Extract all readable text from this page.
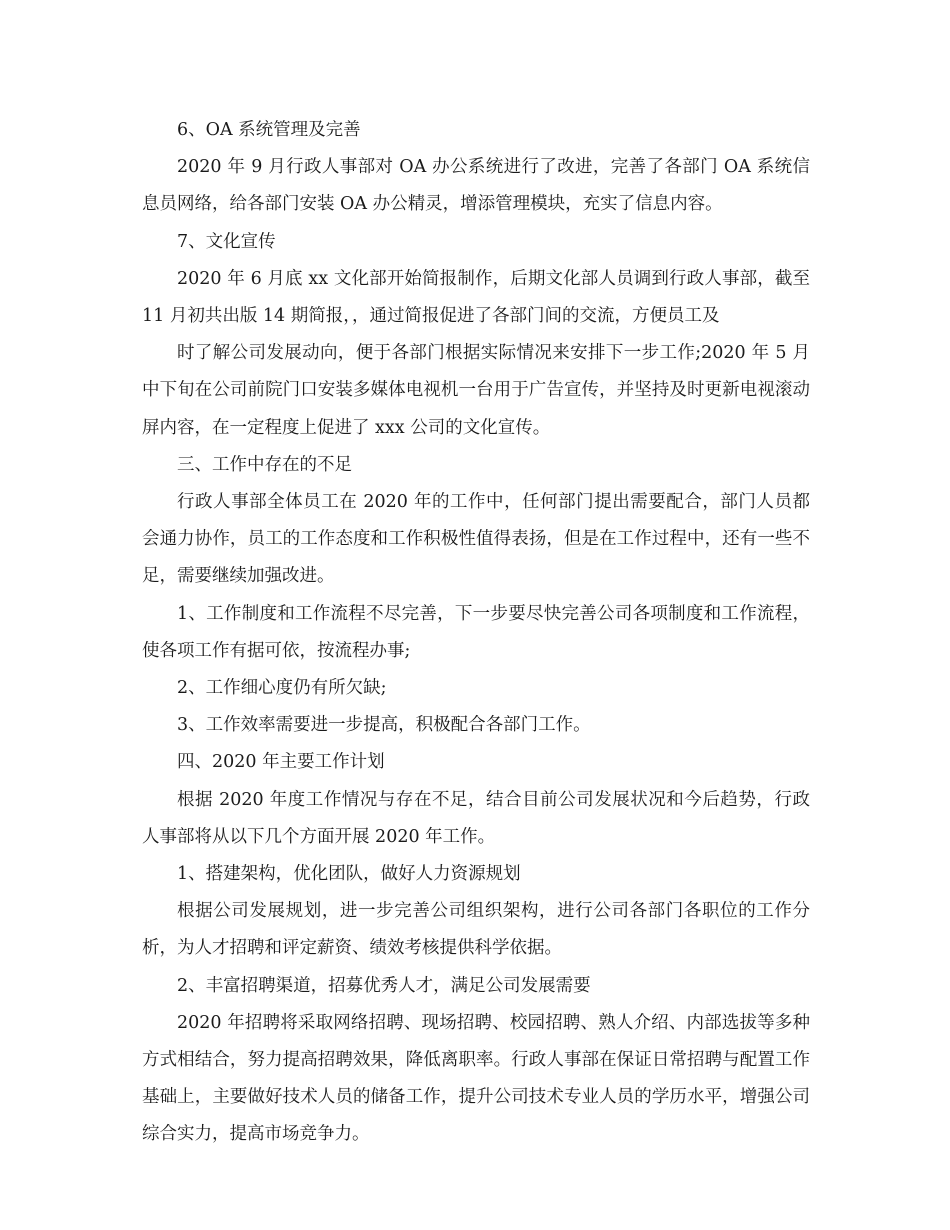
6、OA 系统管理及完善

2020 年 9 月行政人事部对 OA 办公系统进行了改进，完善了各部门 OA 系统信息员网络，给各部门安装 OA 办公精灵，增添管理模块，充实了信息内容。

7、文化宣传

2020 年 6 月底 xx 文化部开始简报制作，后期文化部人员调到行政人事部，截至 11 月初共出版 14 期简报，，通过简报促进了各部门间的交流，方便员工及

时了解公司发展动向，便于各部门根据实际情况来安排下一步工作;2020 年 5 月中下旬在公司前院门口安装多媒体电视机一台用于广告宣传，并坚持及时更新电视滚动屏内容，在一定程度上促进了 xxx 公司的文化宣传。

三、工作中存在的不足

行政人事部全体员工在 2020 年的工作中，任何部门提出需要配合，部门人员都会通力协作，员工的工作态度和工作积极性值得表扬，但是在工作过程中，还有一些不足，需要继续加强改进。

1、工作制度和工作流程不尽完善，下一步要尽快完善公司各项制度和工作流程，使各项工作有据可依，按流程办事;

2、工作细心度仍有所欠缺;

3、工作效率需要进一步提高，积极配合各部门工作。

四、2020 年主要工作计划

根据 2020 年度工作情况与存在不足，结合目前公司发展状况和今后趋势，行政人事部将从以下几个方面开展 2020 年工作。

1、搭建架构，优化团队，做好人力资源规划

根据公司发展规划，进一步完善公司组织架构，进行公司各部门各职位的工作分析，为人才招聘和评定薪资、绩效考核提供科学依据。

2、丰富招聘渠道，招募优秀人才，满足公司发展需要

2020 年招聘将采取网络招聘、现场招聘、校园招聘、熟人介绍、内部选拔等多种方式相结合，努力提高招聘效果，降低离职率。行政人事部在保证日常招聘与配置工作基础上，主要做好技术人员的储备工作，提升公司技术专业人员的学历水平，增强公司综合实力，提高市场竞争力。
